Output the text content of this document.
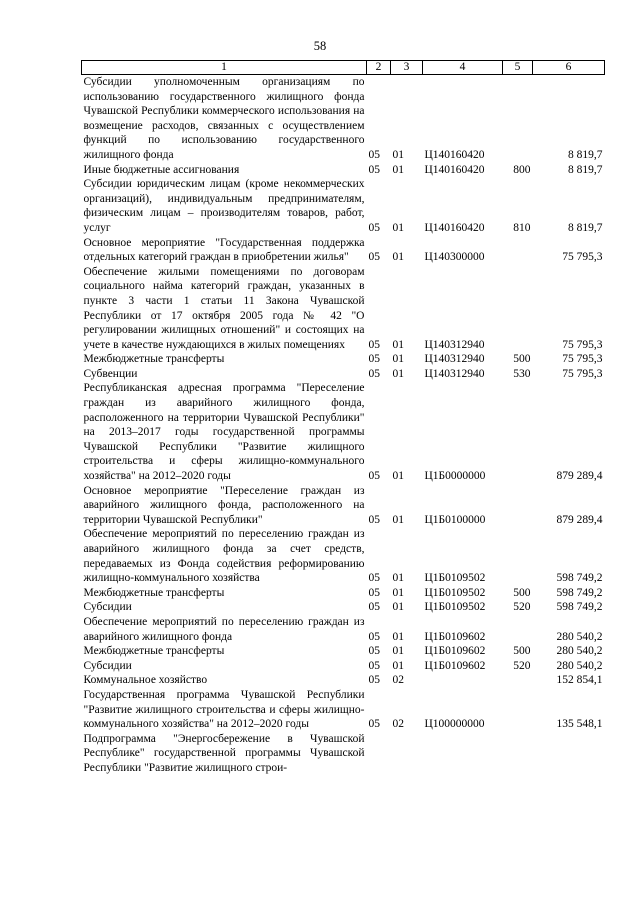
58
1	2	3	4	5	6
Субсидии уполномоченным организациям по использованию государственного жилищного фонда Чувашской Республики коммерческого использования на возмещение расходов, связанных с осуществлением функций по использованию государственного жилищного фонда	05	01	Ц140160420		8 819,7
Иные бюджетные ассигнования	05	01	Ц140160420	800	8 819,7
Субсидии юридическим лицам (кроме некоммерческих организаций), индивидуальным предпринимателям, физическим лицам – производителям товаров, работ, услуг	05	01	Ц140160420	810	8 819,7
Основное мероприятие "Государственная поддержка отдельных категорий граждан в приобретении жилья"	05	01	Ц140300000		75 795,3
Обеспечение жилыми помещениями по договорам социального найма категорий граждан, указанных в пункте 3 части 1 статьи 11 Закона Чувашской Республики от 17 октября 2005 года № 42 "О регулировании жилищных отношений" и состоящих на учете в качестве нуждающихся в жилых помещениях	05	01	Ц140312940		75 795,3
Межбюджетные трансферты	05	01	Ц140312940	500	75 795,3
Субвенции	05	01	Ц140312940	530	75 795,3
Республиканская адресная программа "Переселение граждан из аварийного жилищного фонда, расположенного на территории Чувашской Республики" на 2013–2017 годы государственной программы Чувашской Республики "Развитие жилищного строительства и сферы жилищно-коммунального хозяйства" на 2012–2020 годы	05	01	Ц1Б0000000		879 289,4
Основное мероприятие "Переселение граждан из аварийного жилищного фонда, расположенного на территории Чувашской Республики"	05	01	Ц1Б0100000		879 289,4
Обеспечение мероприятий по переселению граждан из аварийного жилищного фонда за счет средств, передаваемых из Фонда содействия реформированию жилищно-коммунального хозяйства	05	01	Ц1Б0109502		598 749,2
Межбюджетные трансферты	05	01	Ц1Б0109502	500	598 749,2
Субсидии	05	01	Ц1Б0109502	520	598 749,2
Обеспечение мероприятий по переселению граждан из аварийного жилищного фонда	05	01	Ц1Б0109602		280 540,2
Межбюджетные трансферты	05	01	Ц1Б0109602	500	280 540,2
Субсидии	05	01	Ц1Б0109602	520	280 540,2
Коммунальное хозяйство	05	02			152 854,1
Государственная программа Чувашской Республики "Развитие жилищного строительства и сферы жилищно-коммунального хозяйства" на 2012–2020 годы	05	02	Ц100000000		135 548,1
Подпрограмма "Энергосбережение в Чувашской Республике" государственной программы Чувашской Республики "Развитие жилищного строи-					
